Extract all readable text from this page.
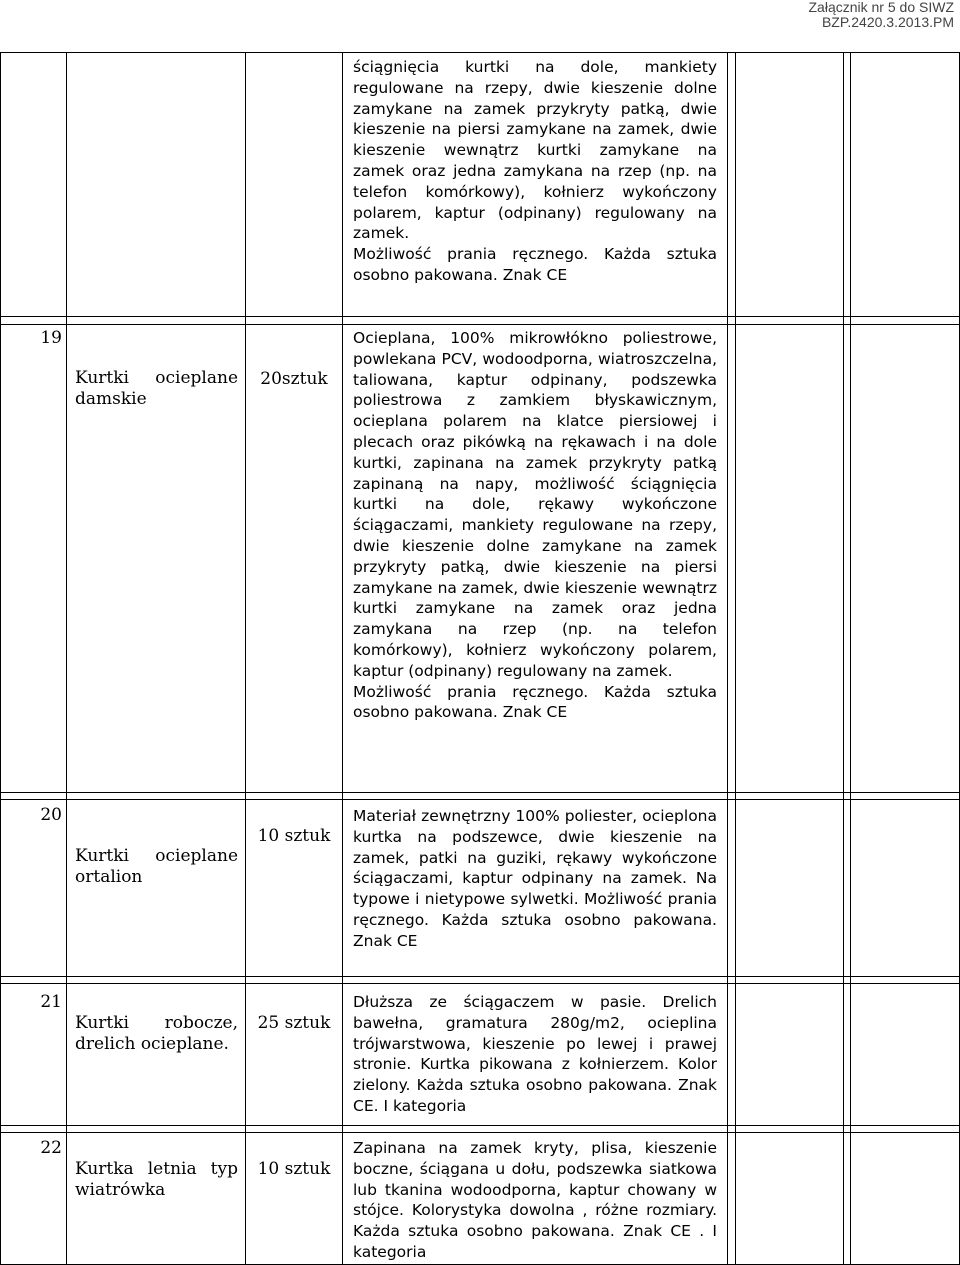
Załącznik nr 5 do SIWZ
BZP.2420.3.2013.PM
ściągnięcia kurtki na dole, mankiety regulowane na rzepy, dwie kieszenie dolne zamykane na zamek przykryty patką, dwie kieszenie na piersi zamykane na zamek, dwie kieszenie wewnątrz kurtki zamykane na zamek oraz jedna zamykana na rzep (np. na telefon komórkowy), kołnierz wykończony polarem, kaptur (odpinany) regulowany na zamek.
Możliwość prania ręcznego. Każda sztuka osobno pakowana. Znak CE
19
Kurtki ocieplane damskie
20sztuk
Ocieplana, 100% mikrowłókno poliestrowe, powlekana PCV, wodoodporna, wiatroszczelna, taliowana, kaptur odpinany, podszewka poliestrowa z zamkiem błyskawicznym, ocieplana polarem na klatce piersiowej i plecach oraz pikówką na rękawach i na dole kurtki, zapinana na zamek przykryty patką zapinaną na napy, możliwość ściągnięcia kurtki na dole, rękawy wykończone ściągaczami, mankiety regulowane na rzepy, dwie kieszenie dolne zamykane na zamek przykryty patką, dwie kieszenie na piersi zamykane na zamek, dwie kieszenie wewnątrz kurtki zamykane na zamek oraz jedna zamykana na rzep (np. na telefon komórkowy), kołnierz wykończony polarem, kaptur (odpinany) regulowany na zamek.
Możliwość prania ręcznego. Każda sztuka osobno pakowana. Znak CE
20
Kurtki ocieplane ortalion
10 sztuk
Materiał zewnętrzny 100% poliester, ocieplona kurtka na podszewce, dwie kieszenie na zamek, patki na guziki, rękawy wykończone ściągaczami, kaptur odpinany na zamek. Na typowe i nietypowe sylwetki. Możliwość prania ręcznego. Każda sztuka osobno pakowana. Znak CE
21
Kurtki robocze, drelich ocieplane.
25 sztuk
Dłuższa ze ściągaczem w pasie. Drelich bawełna, gramatura 280g/m2, ocieplina trójwarstwowa, kieszenie po lewej i prawej stronie. Kurtka pikowana z kołnierzem. Kolor zielony. Każda sztuka osobno pakowana. Znak CE. I kategoria
22
Kurtka letnia typ wiatrówka
10 sztuk
Zapinana na zamek kryty, plisa, kieszenie boczne, ściągana u dołu, podszewka siatkowa lub tkanina wodoodporna, kaptur chowany w stójce. Kolorystyka dowolna , różne rozmiary. Każda sztuka osobno pakowana. Znak CE . I kategoria
